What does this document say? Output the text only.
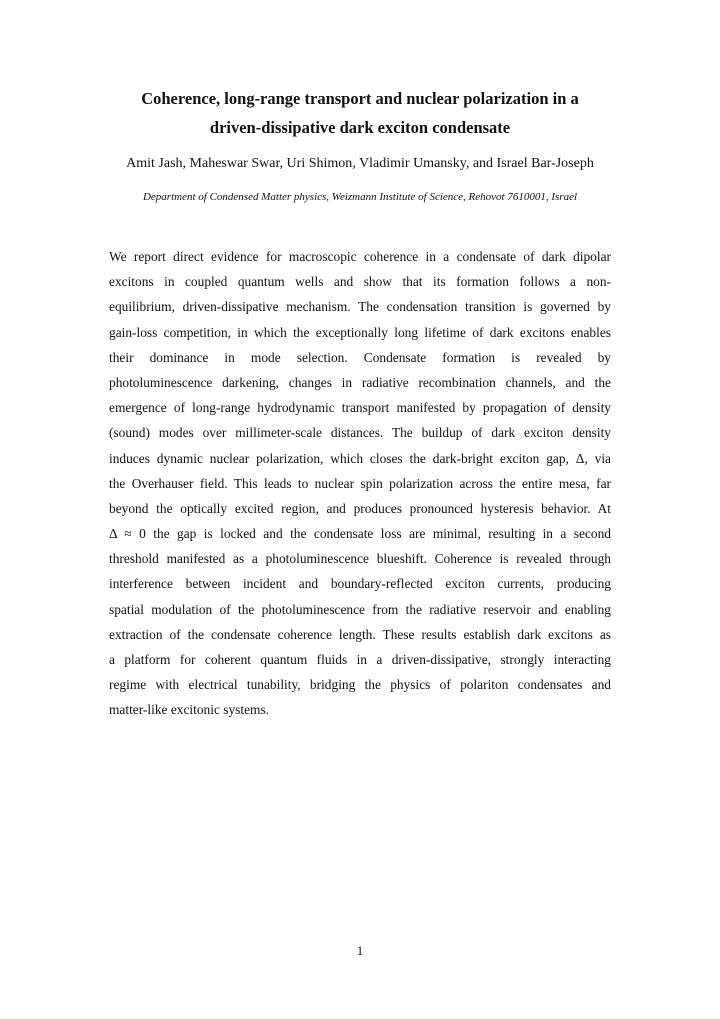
Coherence, long-range transport and nuclear polarization in a
driven-dissipative dark exciton condensate

Amit Jash, Maheswar Swar, Uri Shimon, Vladimir Umansky, and Israel Bar-Joseph

Department of Condensed Matter physics, Weizmann Institute of Science, Rehovot 7610001, Israel

We report direct evidence for macroscopic coherence in a condensate of dark dipolar
excitons in coupled quantum wells and show that its formation follows a non-
equilibrium, driven-dissipative mechanism. The condensation transition is governed by
gain-loss competition, in which the exceptionally long lifetime of dark excitons enables
their dominance in mode selection. Condensate formation is revealed by
photoluminescence darkening, changes in radiative recombination channels, and the
emergence of long-range hydrodynamic transport manifested by propagation of density
(sound) modes over millimeter-scale distances. The buildup of dark exciton density
induces dynamic nuclear polarization, which closes the dark-bright exciton gap, Δ, via
the Overhauser field. This leads to nuclear spin polarization across the entire mesa, far
beyond the optically excited region, and produces pronounced hysteresis behavior. At
Δ ≈ 0 the gap is locked and the condensate loss are minimal, resulting in a second
threshold manifested as a photoluminescence blueshift. Coherence is revealed through
interference between incident and boundary-reflected exciton currents, producing
spatial modulation of the photoluminescence from the radiative reservoir and enabling
extraction of the condensate coherence length. These results establish dark excitons as
a platform for coherent quantum fluids in a driven-dissipative, strongly interacting
regime with electrical tunability, bridging the physics of polariton condensates and
matter-like excitonic systems.

1
